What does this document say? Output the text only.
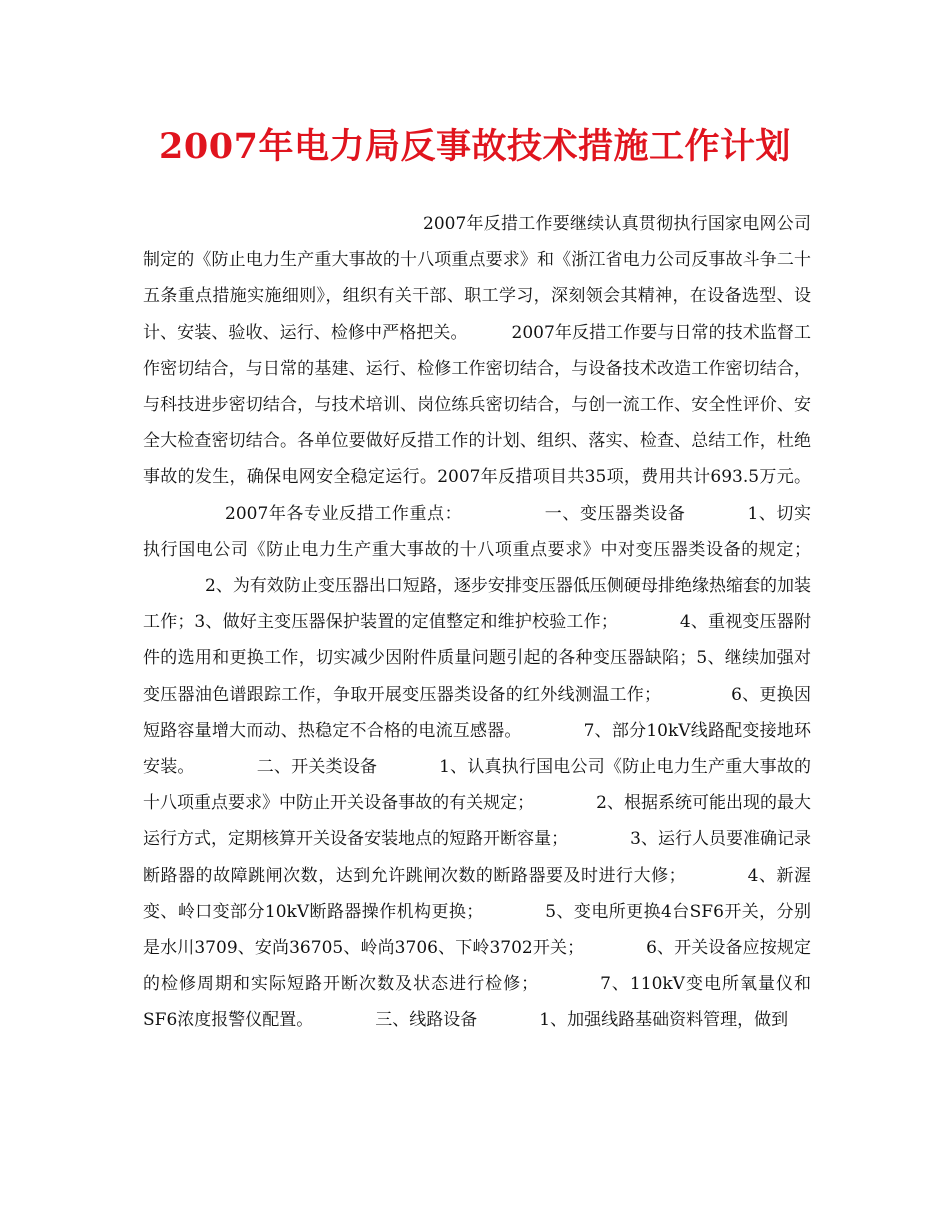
2007年电力局反事故技术措施工作计划

2007年反措工作要继续认真贯彻执行国家电网公司制定的《防止电力生产重大事故的十八项重点要求》和《浙江省电力公司反事故斗争二十五条重点措施实施细则》，组织有关干部、职工学习，深刻领会其精神，在设备选型、设计、安装、验收、运行、检修中严格把关。	2007年反措工作要与日常的技术监督工作密切结合，与日常的基建、运行、检修工作密切结合，与设备技术改造工作密切结合，与科技进步密切结合，与技术培训、岗位练兵密切结合，与创一流工作、安全性评价、安全大检查密切结合。各单位要做好反措工作的计划、组织、落实、检查、总结工作，杜绝事故的发生，确保电网安全稳定运行。2007年反措项目共35项，费用共计693.5万元。2007年各专业反措工作重点：	一、变压器类设备	1、切实执行国电公司《防止电力生产重大事故的十八项重点要求》中对变压器类设备的规定；2、为有效防止变压器出口短路，逐步安排变压器低压侧硬母排绝缘热缩套的加装工作；3、做好主变压器保护装置的定值整定和维护校验工作；	4、重视变压器附件的选用和更换工作，切实减少因附件质量问题引起的各种变压器缺陷；5、继续加强对变压器油色谱跟踪工作，争取开展变压器类设备的红外线测温工作；	6、更换因短路容量增大而动、热稳定不合格的电流互感器。	7、部分10kV线路配变接地环安装。	二、开关类设备	1、认真执行国电公司《防止电力生产重大事故的十八项重点要求》中防止开关设备事故的有关规定；	2、根据系统可能出现的最大运行方式，定期核算开关设备安装地点的短路开断容量；	3、运行人员要准确记录断路器的故障跳闸次数，达到允许跳闸次数的断路器要及时进行大修；	4、新渥变、岭口变部分10kV断路器操作机构更换；	5、变电所更换4台SF6开关，分别是水川3709、安尚36705、岭尚3706、下岭3702开关；	6、开关设备应按规定的检修周期和实际短路开断次数及状态进行检修；	7、110kV变电所氧量仪和SF6浓度报警仪配置。	三、线路设备	1、加强线路基础资料管理，做到
